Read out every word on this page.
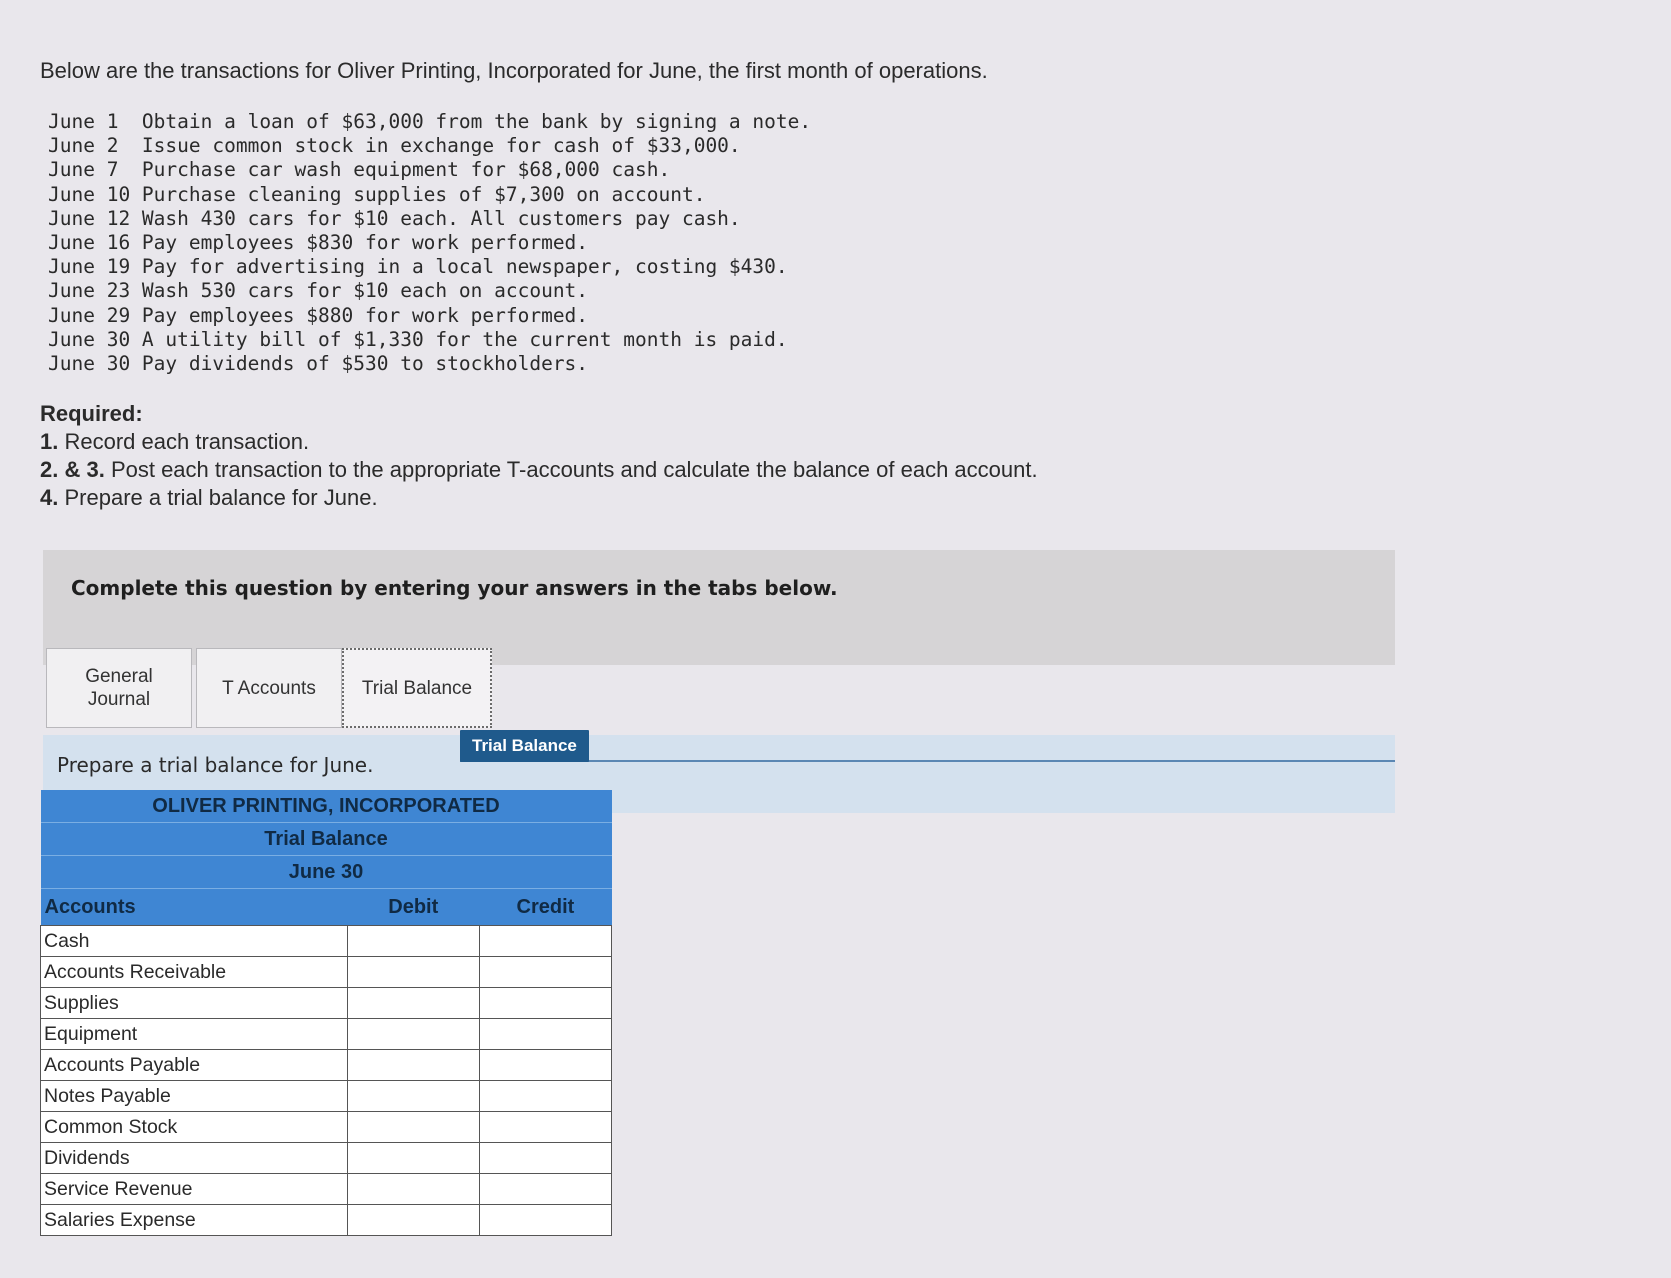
Below are the transactions for Oliver Printing, Incorporated for June, the first month of operations.
June 1  Obtain a loan of $63,000 from the bank by signing a note.
June 2  Issue common stock in exchange for cash of $33,000.
June 7  Purchase car wash equipment for $68,000 cash.
June 10 Purchase cleaning supplies of $7,300 on account.
June 12 Wash 430 cars for $10 each. All customers pay cash.
June 16 Pay employees $830 for work performed.
June 19 Pay for advertising in a local newspaper, costing $430.
June 23 Wash 530 cars for $10 each on account.
June 29 Pay employees $880 for work performed.
June 30 A utility bill of $1,330 for the current month is paid.
June 30 Pay dividends of $530 to stockholders.
Required:
1. Record each transaction.
2. & 3. Post each transaction to the appropriate T-accounts and calculate the balance of each account.
4. Prepare a trial balance for June.
Complete this question by entering your answers in the tabs below.
General
Journal
T Accounts Trial Balance
Prepare a trial balance for June.
Trial Balance
OLIVER PRINTING, INCORPORATED		
Trial Balance		
June 30		
Accounts	Debit	Credit
Cash		
Accounts Receivable		
Supplies		
Equipment		
Accounts Payable		
Notes Payable		
Common Stock		
Dividends		
Service Revenue		
Salaries Expense		
